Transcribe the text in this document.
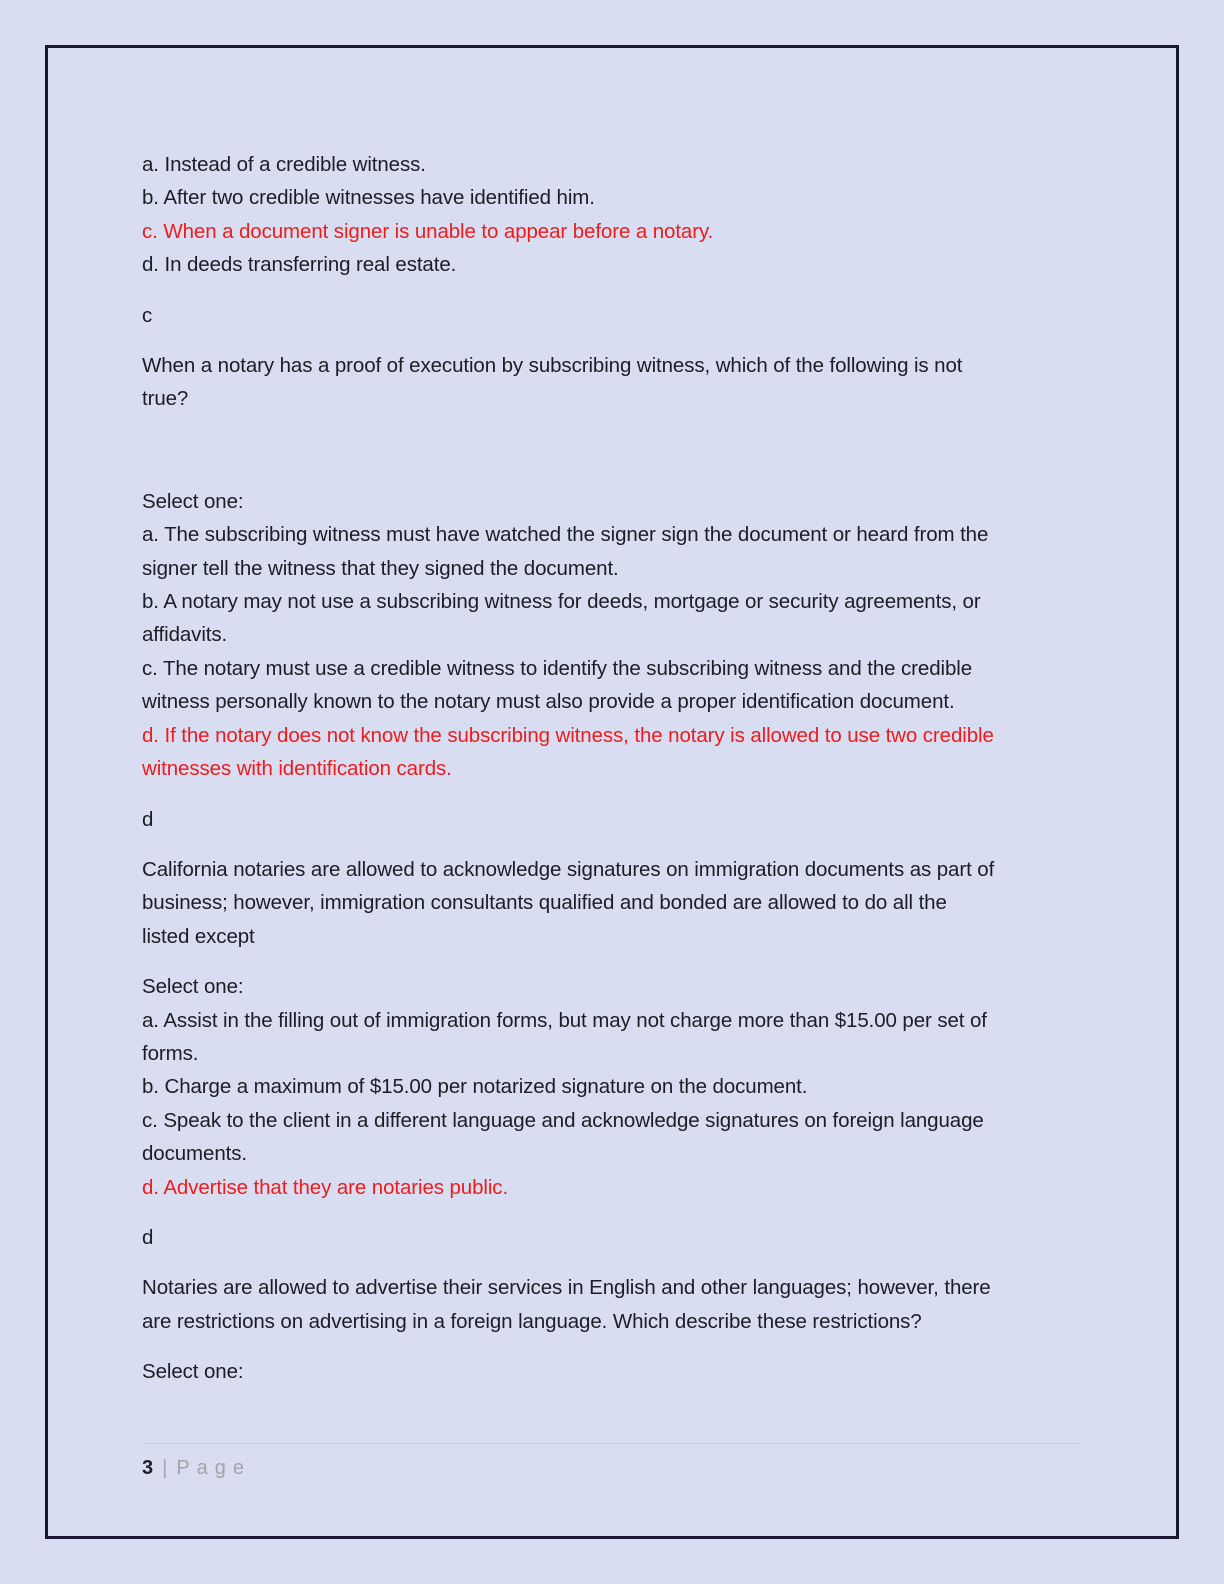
a. Instead of a credible witness.
b. After two credible witnesses have identified him.
c. When a document signer is unable to appear before a notary.
d. In deeds transferring real estate.
c
When a notary has a proof of execution by subscribing witness, which of the following is not
true?
Select one:
a. The subscribing witness must have watched the signer sign the document or heard from the
signer tell the witness that they signed the document.
b. A notary may not use a subscribing witness for deeds, mortgage or security agreements, or
affidavits.
c. The notary must use a credible witness to identify the subscribing witness and the credible
witness personally known to the notary must also provide a proper identification document.
d. If the notary does not know the subscribing witness, the notary is allowed to use two credible
witnesses with identification cards.
d
California notaries are allowed to acknowledge signatures on immigration documents as part of
business; however, immigration consultants qualified and bonded are allowed to do all the
listed except
Select one:
a. Assist in the filling out of immigration forms, but may not charge more than $15.00 per set of
forms.
b. Charge a maximum of $15.00 per notarized signature on the document.
c. Speak to the client in a different language and acknowledge signatures on foreign language
documents.
d. Advertise that they are notaries public.
d
Notaries are allowed to advertise their services in English and other languages; however, there
are restrictions on advertising in a foreign language. Which describe these restrictions?
Select one:
3 | Page
